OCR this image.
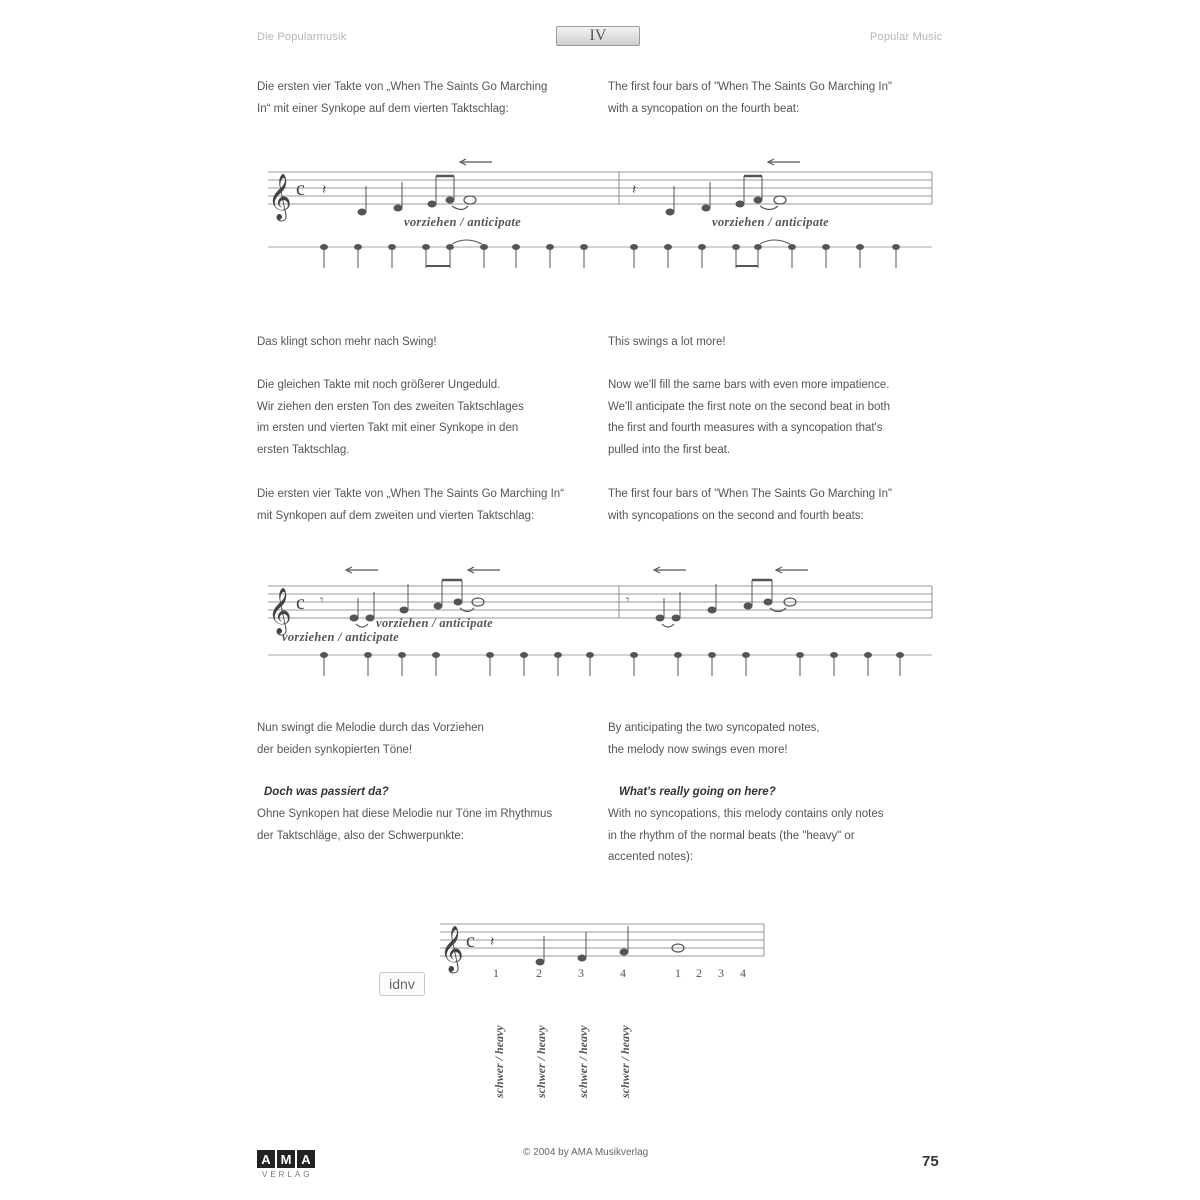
Die Popularmusik	IV	Popular Music
Die ersten vier Takte von „When The Saints Go Marching
In“ mit einer Synkope auf dem vierten Taktschlag:
The first four bars of "When The Saints Go Marching In"
with a syncopation on the fourth beat:
𝄞 c 𝄽	𝄽
vorziehen / anticipate	vorziehen / anticipate
Das klingt schon mehr nach Swing!	This swings a lot more!
Die gleichen Takte mit noch größerer Ungeduld.
Wir ziehen den ersten Ton des zweiten Taktschlages
im ersten und vierten Takt mit einer Synkope in den
ersten Taktschlag.
Now we'll fill the same bars with even more impatience.
We'll anticipate the first note on the second beat in both
the first and fourth measures with a syncopation that's
pulled into the first beat.
Die ersten vier Takte von „When The Saints Go Marching In“
mit Synkopen auf dem zweiten und vierten Taktschlag:
The first four bars of "When The Saints Go Marching In"
with syncopations on the second and fourth beats:
𝄞 c 𝄾	𝄾
vorziehen / anticipate
vorziehen / anticipate
Nun swingt die Melodie durch das Vorziehen
der beiden synkopierten Töne!
By anticipating the two syncopated notes,
the melody now swings even more!
Doch was passiert da?	What's really going on here?
Ohne Synkopen hat diese Melodie nur Töne im Rhythmus
der Taktschläge, also der Schwerpunkte:
With no syncopations, this melody contains only notes
in the rhythm of the normal beats (the "heavy" or
accented notes):
𝄞 c 𝄽
1	2	3	4	1 2 3 4
schwer / heavy schwer / heavy schwer / heavy schwer / heavy
idnv
A M A
VERLAG
© 2004 by AMA Musikverlag
75
